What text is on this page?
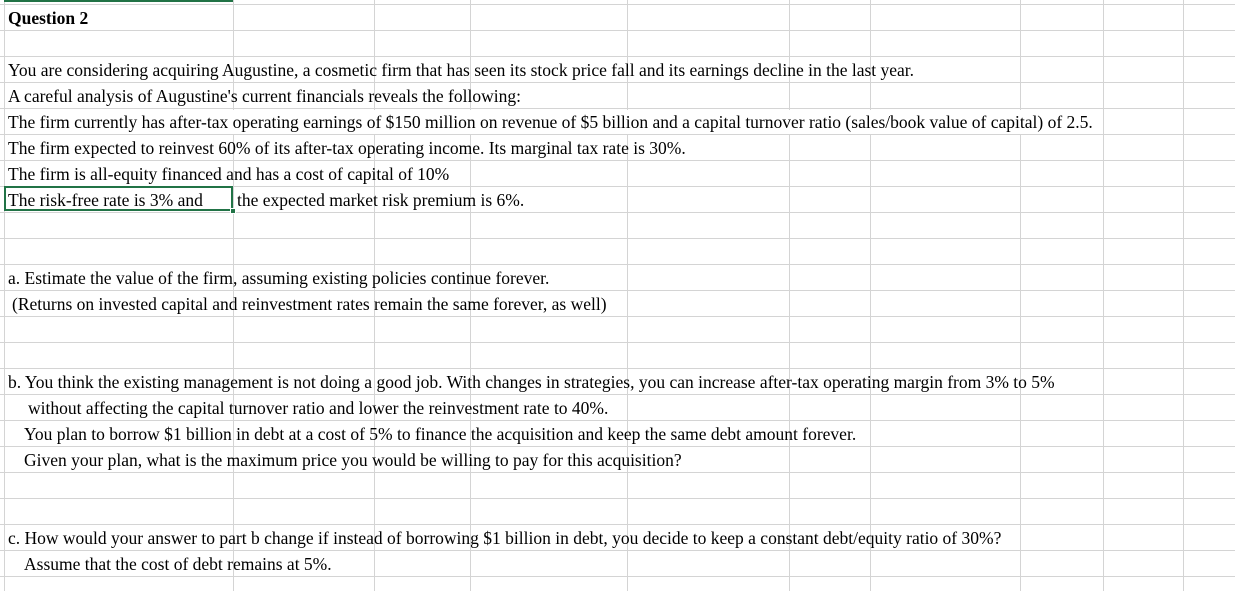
Question 2
You are considering acquiring Augustine, a cosmetic firm that has seen its stock price fall and its earnings decline in the last year.
A careful analysis of Augustine's current financials reveals the following:
The firm currently has after-tax operating earnings of $150 million on revenue of $5 billion and a capital turnover ratio (sales/book value of capital) of 2.5.
The firm expected to reinvest 60% of its after-tax operating income. Its marginal tax rate is 30%.
The firm is all-equity financed and has a cost of capital of 10%
The risk-free rate is 3% and the expected market risk premium is 6%.
a. Estimate the value of the firm, assuming existing policies continue forever.
(Returns on invested capital and reinvestment rates remain the same forever, as well)
b. You think the existing management is not doing a good job. With changes in strategies, you can increase after-tax operating margin from 3% to 5%
without affecting the capital turnover ratio and lower the reinvestment rate to 40%.
You plan to borrow $1 billion in debt at a cost of 5% to finance the acquisition and keep the same debt amount forever.
Given your plan, what is the maximum price you would be willing to pay for this acquisition?
c. How would your answer to part b change if instead of borrowing $1 billion in debt, you decide to keep a constant debt/equity ratio of 30%?
Assume that the cost of debt remains at 5%.
